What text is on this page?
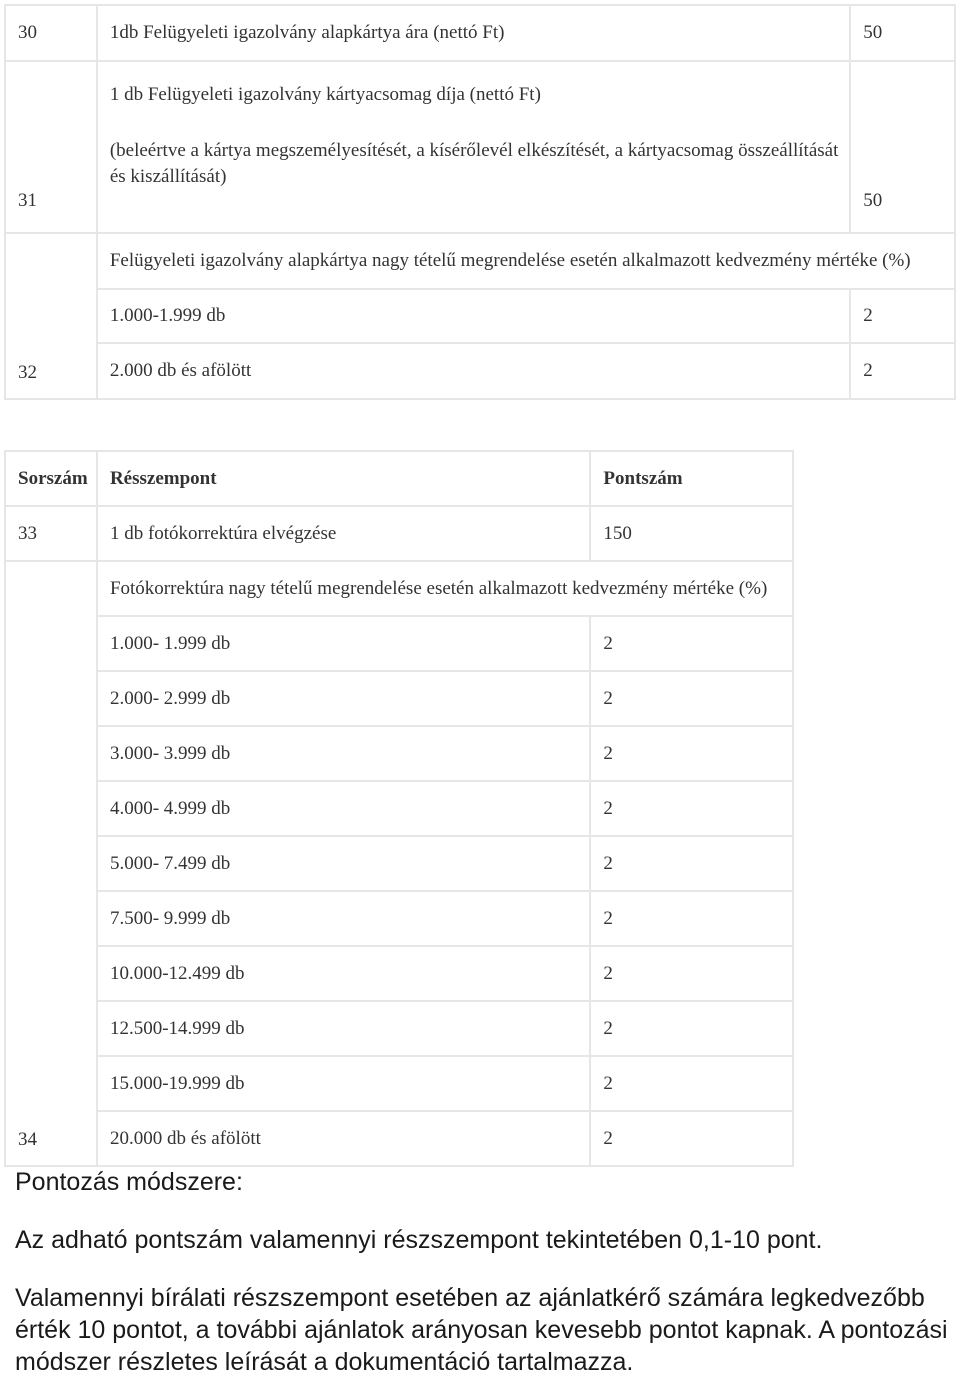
30	1db Felügyeleti igazolvány alapkártya ára (nettó Ft)	50
31	1 db Felügyeleti igazolvány kártyacsomag díja (nettó Ft)
(beleértve a kártya megszemélyesítését, a kísérőlevél elkészítését, a kártyacsomag összeállítását és kiszállítását)	50
32	Felügyeleti igazolvány alapkártya nagy tételű megrendelése esetén alkalmazott kedvezmény mértéke (%)	
	1.000-1.999 db	2
	2.000 db és afölött	2
Sorszám	Résszempont	Pontszám
33	1 db fotókorrektúra elvégzése	150
34	Fotókorrektúra nagy tételű megrendelése esetén alkalmazott kedvezmény mértéke (%)	
	1.000- 1.999 db	2
	2.000- 2.999 db	2
	3.000- 3.999 db	2
	4.000- 4.999 db	2
	5.000- 7.499 db	2
	7.500- 9.999 db	2
	10.000-12.499 db	2
	12.500-14.999 db	2
	15.000-19.999 db	2
	20.000 db és afölött	2
Pontozás módszere:
Az adható pontszám valamennyi részszempont tekintetében 0,1-10 pont.
Valamennyi bírálati részszempont esetében az ajánlatkérő számára legkedvezőbb érték 10 pontot, a további ajánlatok arányosan kevesebb pontot kapnak. A pontozási módszer részletes leírását a dokumentáció tartalmazza.
